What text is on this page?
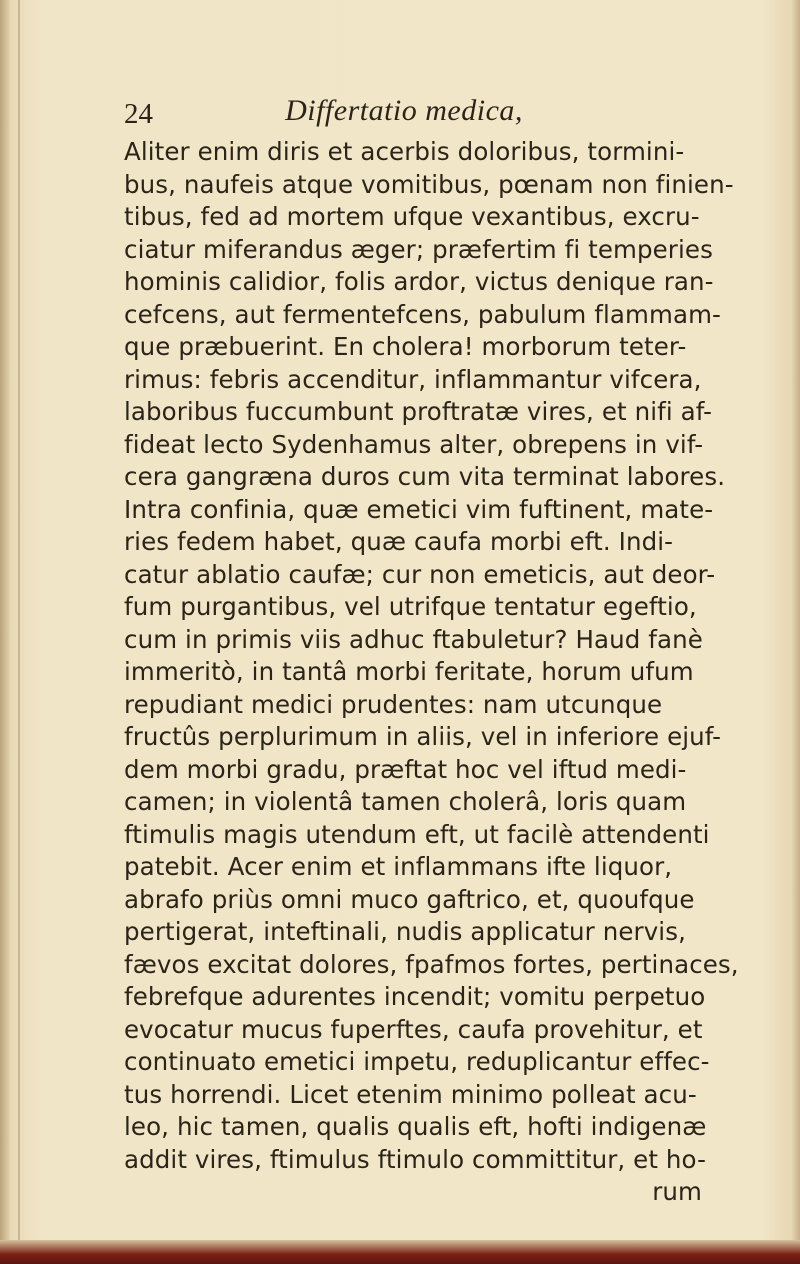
24	Differtatio medica,
Aliter enim diris et acerbis doloribus, tormini-
bus, naufeis atque vomitibus, pœnam non finien-
tibus, fed ad mortem ufque vexantibus, excru-
ciatur miferandus æger; præfertim fi temperies
hominis calidior, folis ardor, victus denique ran-
cefcens, aut fermentefcens, pabulum flammam-
que præbuerint. En cholera! morborum teter-
rimus: febris accenditur, inflammantur vifcera,
laboribus fuccumbunt proftratæ vires, et nifi af-
fideat lecto Sydenhamus alter, obrepens in vif-
cera gangræna duros cum vita terminat labores.
Intra confinia, quæ emetici vim fuftinent, mate-
ries fedem habet, quæ caufa morbi eft. Indi-
catur ablatio caufæ; cur non emeticis, aut deor-
fum purgantibus, vel utrifque tentatur egeftio,
cum in primis viis adhuc ftabuletur? Haud fanè
immeritò, in tantâ morbi feritate, horum ufum
repudiant medici prudentes: nam utcunque
fructûs perplurimum in aliis, vel in inferiore ejuf-
dem morbi gradu, præftat hoc vel iftud medi-
camen; in violentâ tamen cholerâ, loris quam
ftimulis magis utendum eft, ut facilè attendenti
patebit. Acer enim et inflammans ifte liquor,
abrafo priùs omni muco gaftrico, et, quoufque
pertigerat, inteftinali, nudis applicatur nervis,
fævos excitat dolores, fpafmos fortes, pertinaces,
febrefque adurentes incendit; vomitu perpetuo
evocatur mucus fuperftes, caufa provehitur, et
continuato emetici impetu, reduplicantur effec-
tus horrendi. Licet etenim minimo polleat acu-
leo, hic tamen, qualis qualis eft, hofti indigenæ
addit vires, ftimulus ftimulo committitur, et ho-
rum
